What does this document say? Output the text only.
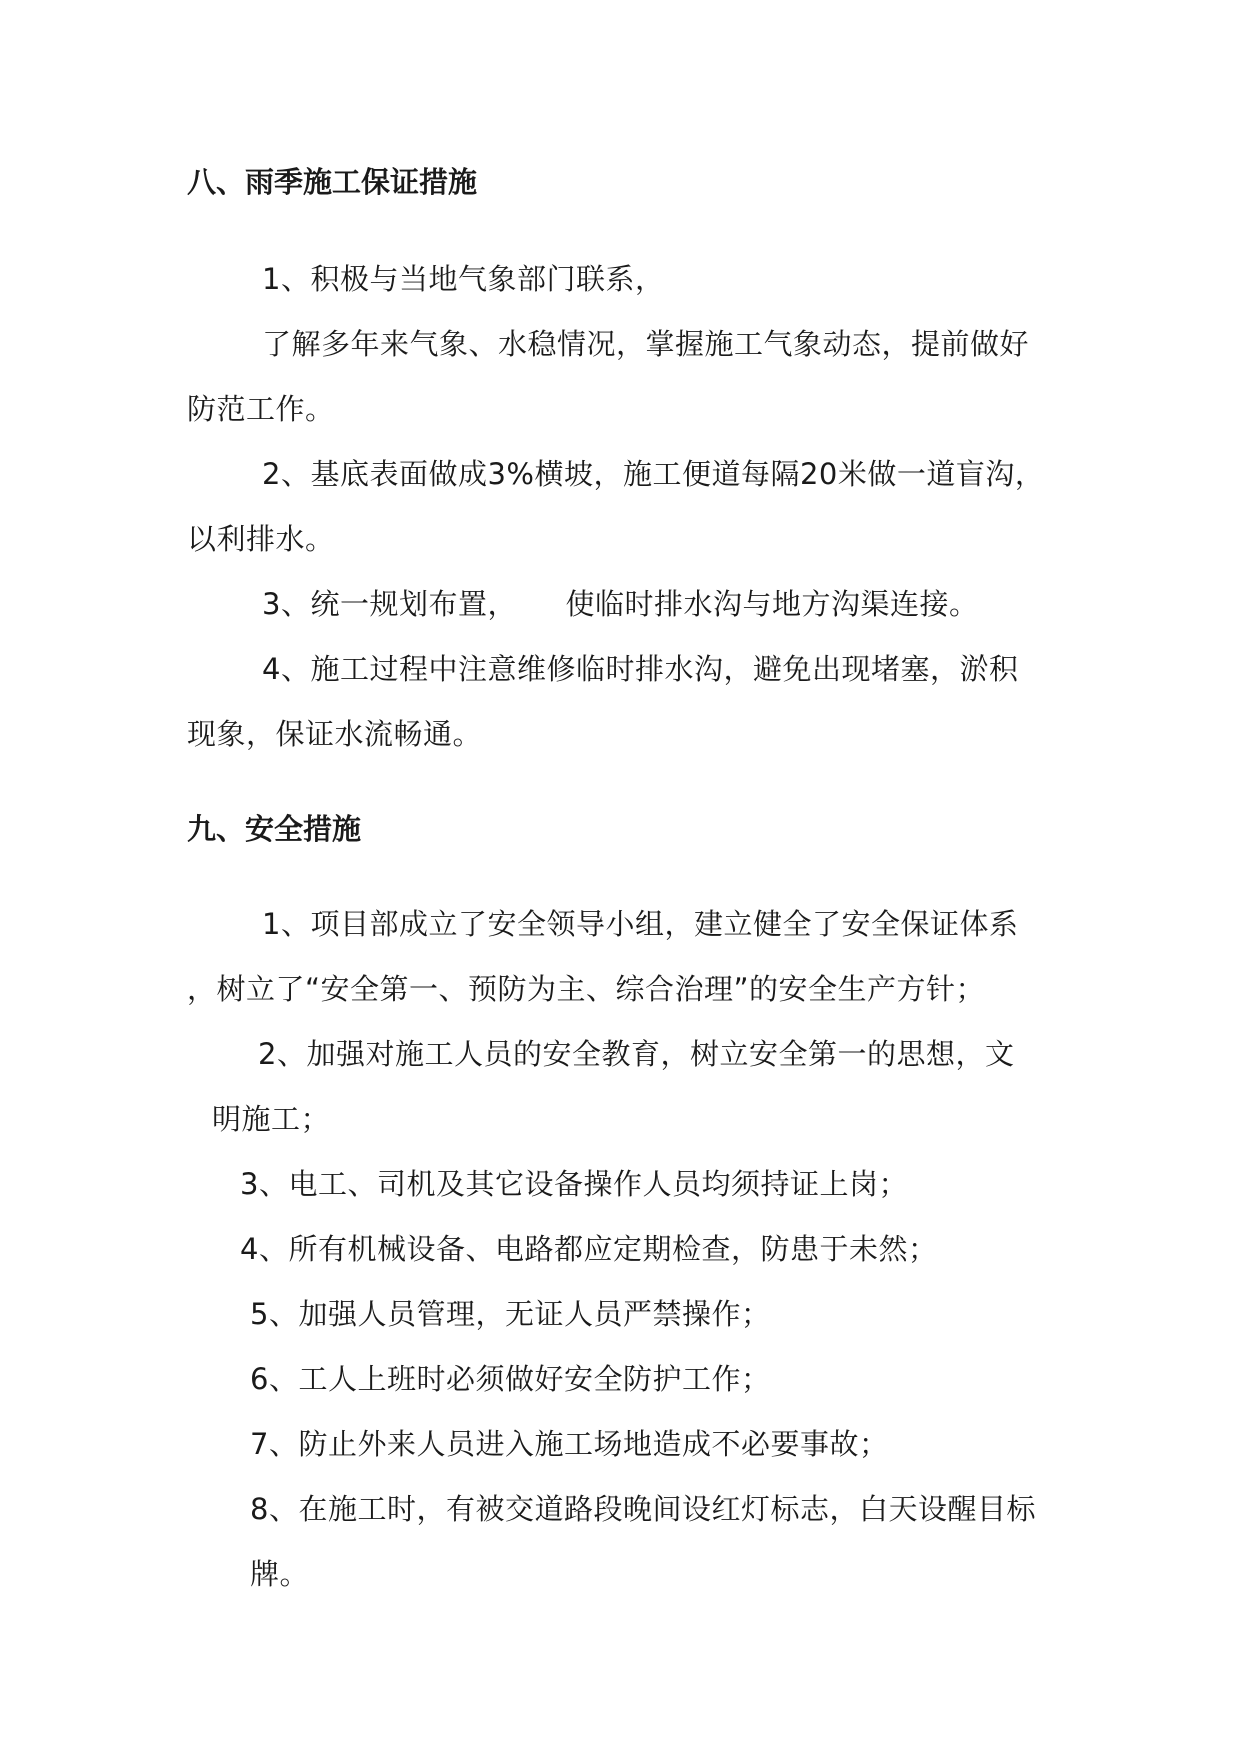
八、雨季施工保证措施
1、积极与当地气象部门联系，
了解多年来气象、水稳情况，掌握施工气象动态，提前做好
防范工作。
2、基底表面做成3%横坡，施工便道每隔20米做一道盲沟，
以利排水。
3、统一规划布置，     使临时排水沟与地方沟渠连接。
4、施工过程中注意维修临时排水沟，避免出现堵塞，淤积
现象，保证水流畅通。
九、安全措施
1、项目部成立了安全领导小组，建立健全了安全保证体系
，树立了“安全第一、预防为主、综合治理”的安全生产方针；
2、加强对施工人员的安全教育，树立安全第一的思想，文
明施工；
3、电工、司机及其它设备操作人员均须持证上岗；
4、所有机械设备、电路都应定期检查，防患于未然；
5、加强人员管理，无证人员严禁操作；
6、工人上班时必须做好安全防护工作；
7、防止外来人员进入施工场地造成不必要事故；
8、在施工时，有被交道路段晚间设红灯标志，白天设醒目标
牌。
